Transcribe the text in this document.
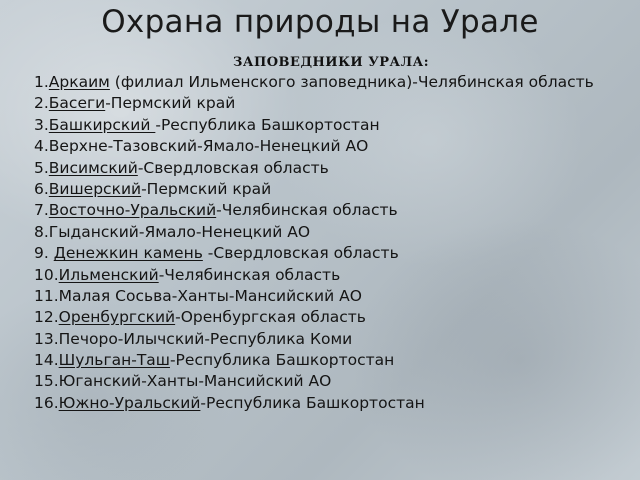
Охрана природы на Урале
ЗАПОВЕДНИКИ УРАЛА:
1.Аркаим (филиал Ильменского заповедника)-Челябинская область
2.Басеги-Пермский край
3.Башкирский -Республика Башкортостан
4.Верхне-Тазовский-Ямало-Ненецкий АО
5.Висимский-Свердловская область
6.Вишерский-Пермский край
7.Восточно-Уральский-Челябинская область
8.Гыданский-Ямало-Ненецкий АО
9. Денежкин камень -Свердловская область
10.Ильменский-Челябинская область
11.Малая Сосьва-Ханты-Мансийский АО
12.Оренбургский-Оренбургская область
13.Печоро-Илычский-Республика Коми
14.Шульган-Таш-Республика Башкортостан
15.Юганский-Ханты-Мансийский АО
16.Южно-Уральский-Республика Башкортостан
